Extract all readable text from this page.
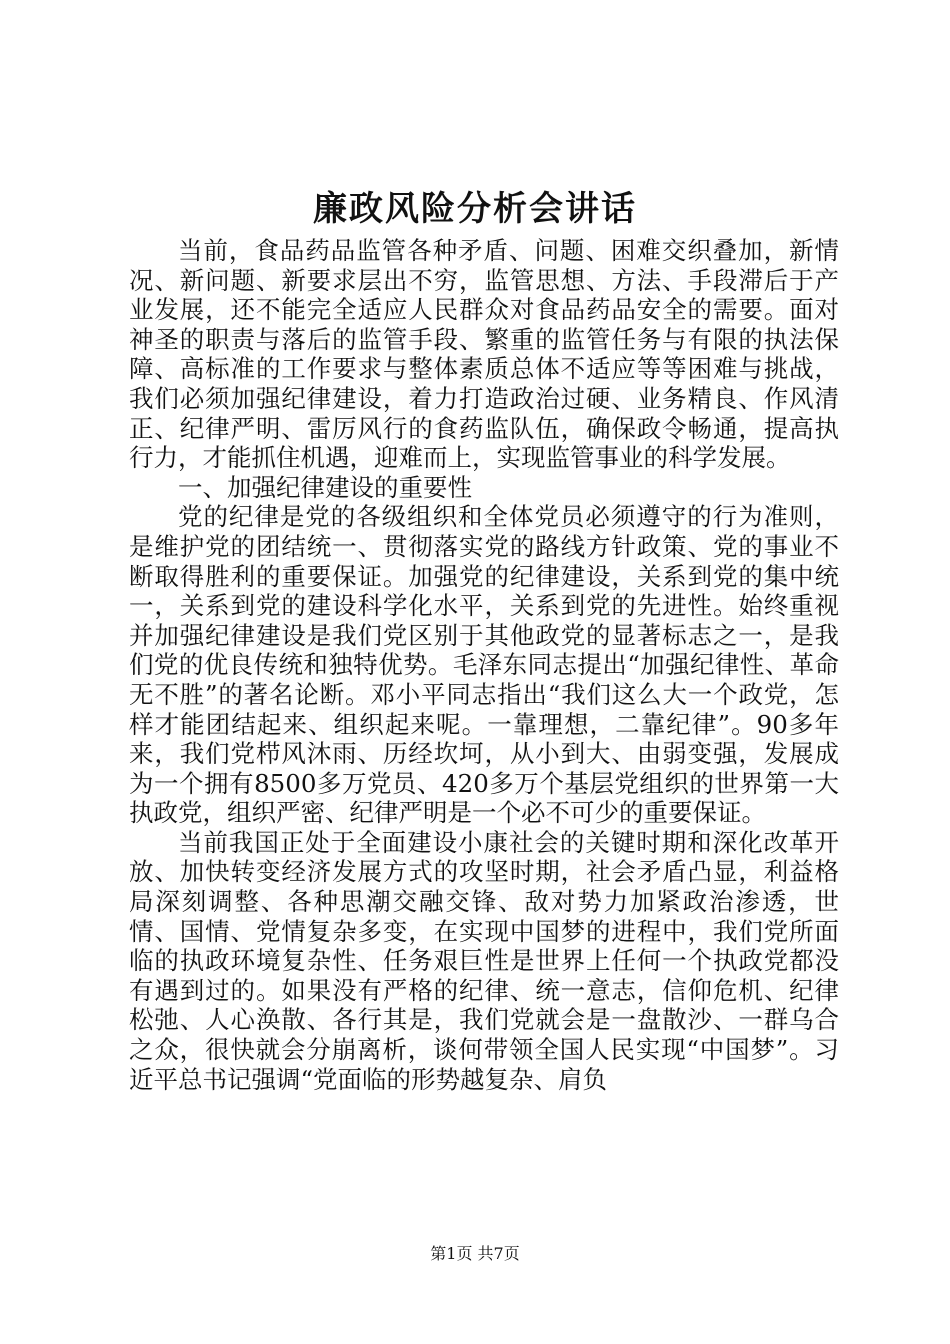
廉政风险分析会讲话

当前，食品药品监管各种矛盾、问题、困难交织叠加，新情况、新问题、新要求层出不穷，监管思想、方法、手段滞后于产业发展，还不能完全适应人民群众对食品药品安全的需要。面对神圣的职责与落后的监管手段、繁重的监管任务与有限的执法保障、高标准的工作要求与整体素质总体不适应等等困难与挑战，我们必须加强纪律建设，着力打造政治过硬、业务精良、作风清正、纪律严明、雷厉风行的食药监队伍，确保政令畅通，提高执行力，才能抓住机遇，迎难而上，实现监管事业的科学发展。

一、加强纪律建设的重要性

党的纪律是党的各级组织和全体党员必须遵守的行为准则，是维护党的团结统一、贯彻落实党的路线方针政策、党的事业不断取得胜利的重要保证。加强党的纪律建设，关系到党的集中统一，关系到党的建设科学化水平，关系到党的先进性。始终重视并加强纪律建设是我们党区别于其他政党的显著标志之一，是我们党的优良传统和独特优势。毛泽东同志提出“加强纪律性、革命无不胜”的著名论断。邓小平同志指出“我们这么大一个政党，怎样才能团结起来、组织起来呢。一靠理想，二靠纪律”。90多年来，我们党栉风沐雨、历经坎坷，从小到大、由弱变强，发展成为一个拥有8500多万党员、420多万个基层党组织的世界第一大执政党，组织严密、纪律严明是一个必不可少的重要保证。

当前我国正处于全面建设小康社会的关键时期和深化改革开放、加快转变经济发展方式的攻坚时期，社会矛盾凸显，利益格局深刻调整、各种思潮交融交锋、敌对势力加紧政治渗透，世情、国情、党情复杂多变，在实现中国梦的进程中，我们党所面临的执政环境复杂性、任务艰巨性是世界上任何一个执政党都没有遇到过的。如果没有严格的纪律、统一意志，信仰危机、纪律松弛、人心涣散、各行其是，我们党就会是一盘散沙、一群乌合之众，很快就会分崩离析，谈何带领全国人民实现“中国梦”。习近平总书记强调“党面临的形势越复杂、肩负

第1页 共7页
